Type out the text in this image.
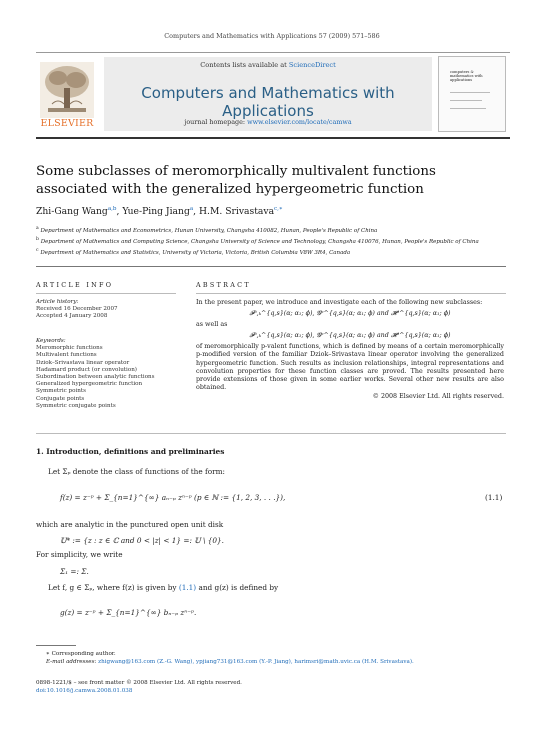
Computers and Mathematics with Applications 57 (2009) 571–586
ELSEVIER
Contents lists available at ScienceDirect
Computers and Mathematics with Applications
journal homepage: www.elsevier.com/locate/camwa
computers & mathematics with applications
Some subclasses of meromorphically multivalent functions associated with the generalized hypergeometric function
Zhi-Gang Wang$^{a,b}$, Yue-Ping Jiang$^a$, H.M. Srivastava$^{c,∗}$
$^a$ Department of Mathematics and Econometrics, Hunan University, Changsha 410082, Hunan, People's Republic of China
$^b$ Department of Mathematics and Computing Science, Changsha University of Science and Technology, Changsha 410076, Hunan, People's Republic of China
$^c$ Department of Mathematics and Statistics, University of Victoria, Victoria, British Columbia V8W 3R4, Canada
ARTICLE INFO	ABSTRACT
Article history:
Received 16 December 2007
Accepted 4 January 2008
Keywords:
Meromorphic functions
Multivalent functions
Dziok–Srivastava linear operator
Hadamard product (or convolution)
Subordination between analytic functions
Generalized hypergeometric function
Symmetric points
Conjugate points
Symmetric conjugate points
In the present paper, we introduce and investigate each of the following new subclasses:
𝓕ᵖ,ₖ^{q,s}(α; α₁; ϕ), 𝓖ᵖ^{q,s}(α; α₁; ϕ) and 𝓗ᵖ^{q,s}(α; α₁; ϕ)
as well as
𝓕ᵖ,ₖ^{q,s}(α; α₁; ϕ), 𝓖ᵖ^{q,s}(α; α₁; ϕ) and 𝓗ᵖ^{q,s}(α; α₁; ϕ)
of meromorphically p-valent functions, which is defined by means of a certain meromorphically p-modified version of the familiar Dziok–Srivastava linear operator involving the generalized hypergeometric function. Such results as inclusion relationships, integral representations and convolution properties for these function classes are proved. The results presented here provide extensions of those given in some earlier works. Several other new results are also obtained.
© 2008 Elsevier Ltd. All rights reserved.
1. Introduction, definitions and preliminaries
Let Σₚ denote the class of functions of the form:
f(z) = z⁻ᵖ + Σ_{n=1}^{∞} aₙ₋ₚ zⁿ⁻ᵖ (p ∈ ℕ := {1, 2, 3, . . .}),	(1.1)
which are analytic in the punctured open unit disk
𝕌* := {z : z ∈ ℂ and 0 < |z| < 1} =: 𝕌 \ {0}.
For simplicity, we write
Σ₁ =: Σ.
Let f, g ∈ Σₚ, where f(z) is given by (1.1) and g(z) is defined by
g(z) = z⁻ᵖ + Σ_{n=1}^{∞} bₙ₋ₚ zⁿ⁻ᵖ.
∗ Corresponding author.
E-mail addresses: zhigwang@163.com (Z.-G. Wang), ypjiang731@163.com (Y.-P. Jiang), harimsri@math.uvic.ca (H.M. Srivastava).
0898-1221/$ – see front matter © 2008 Elsevier Ltd. All rights reserved.
doi:10.1016/j.camwa.2008.01.038
